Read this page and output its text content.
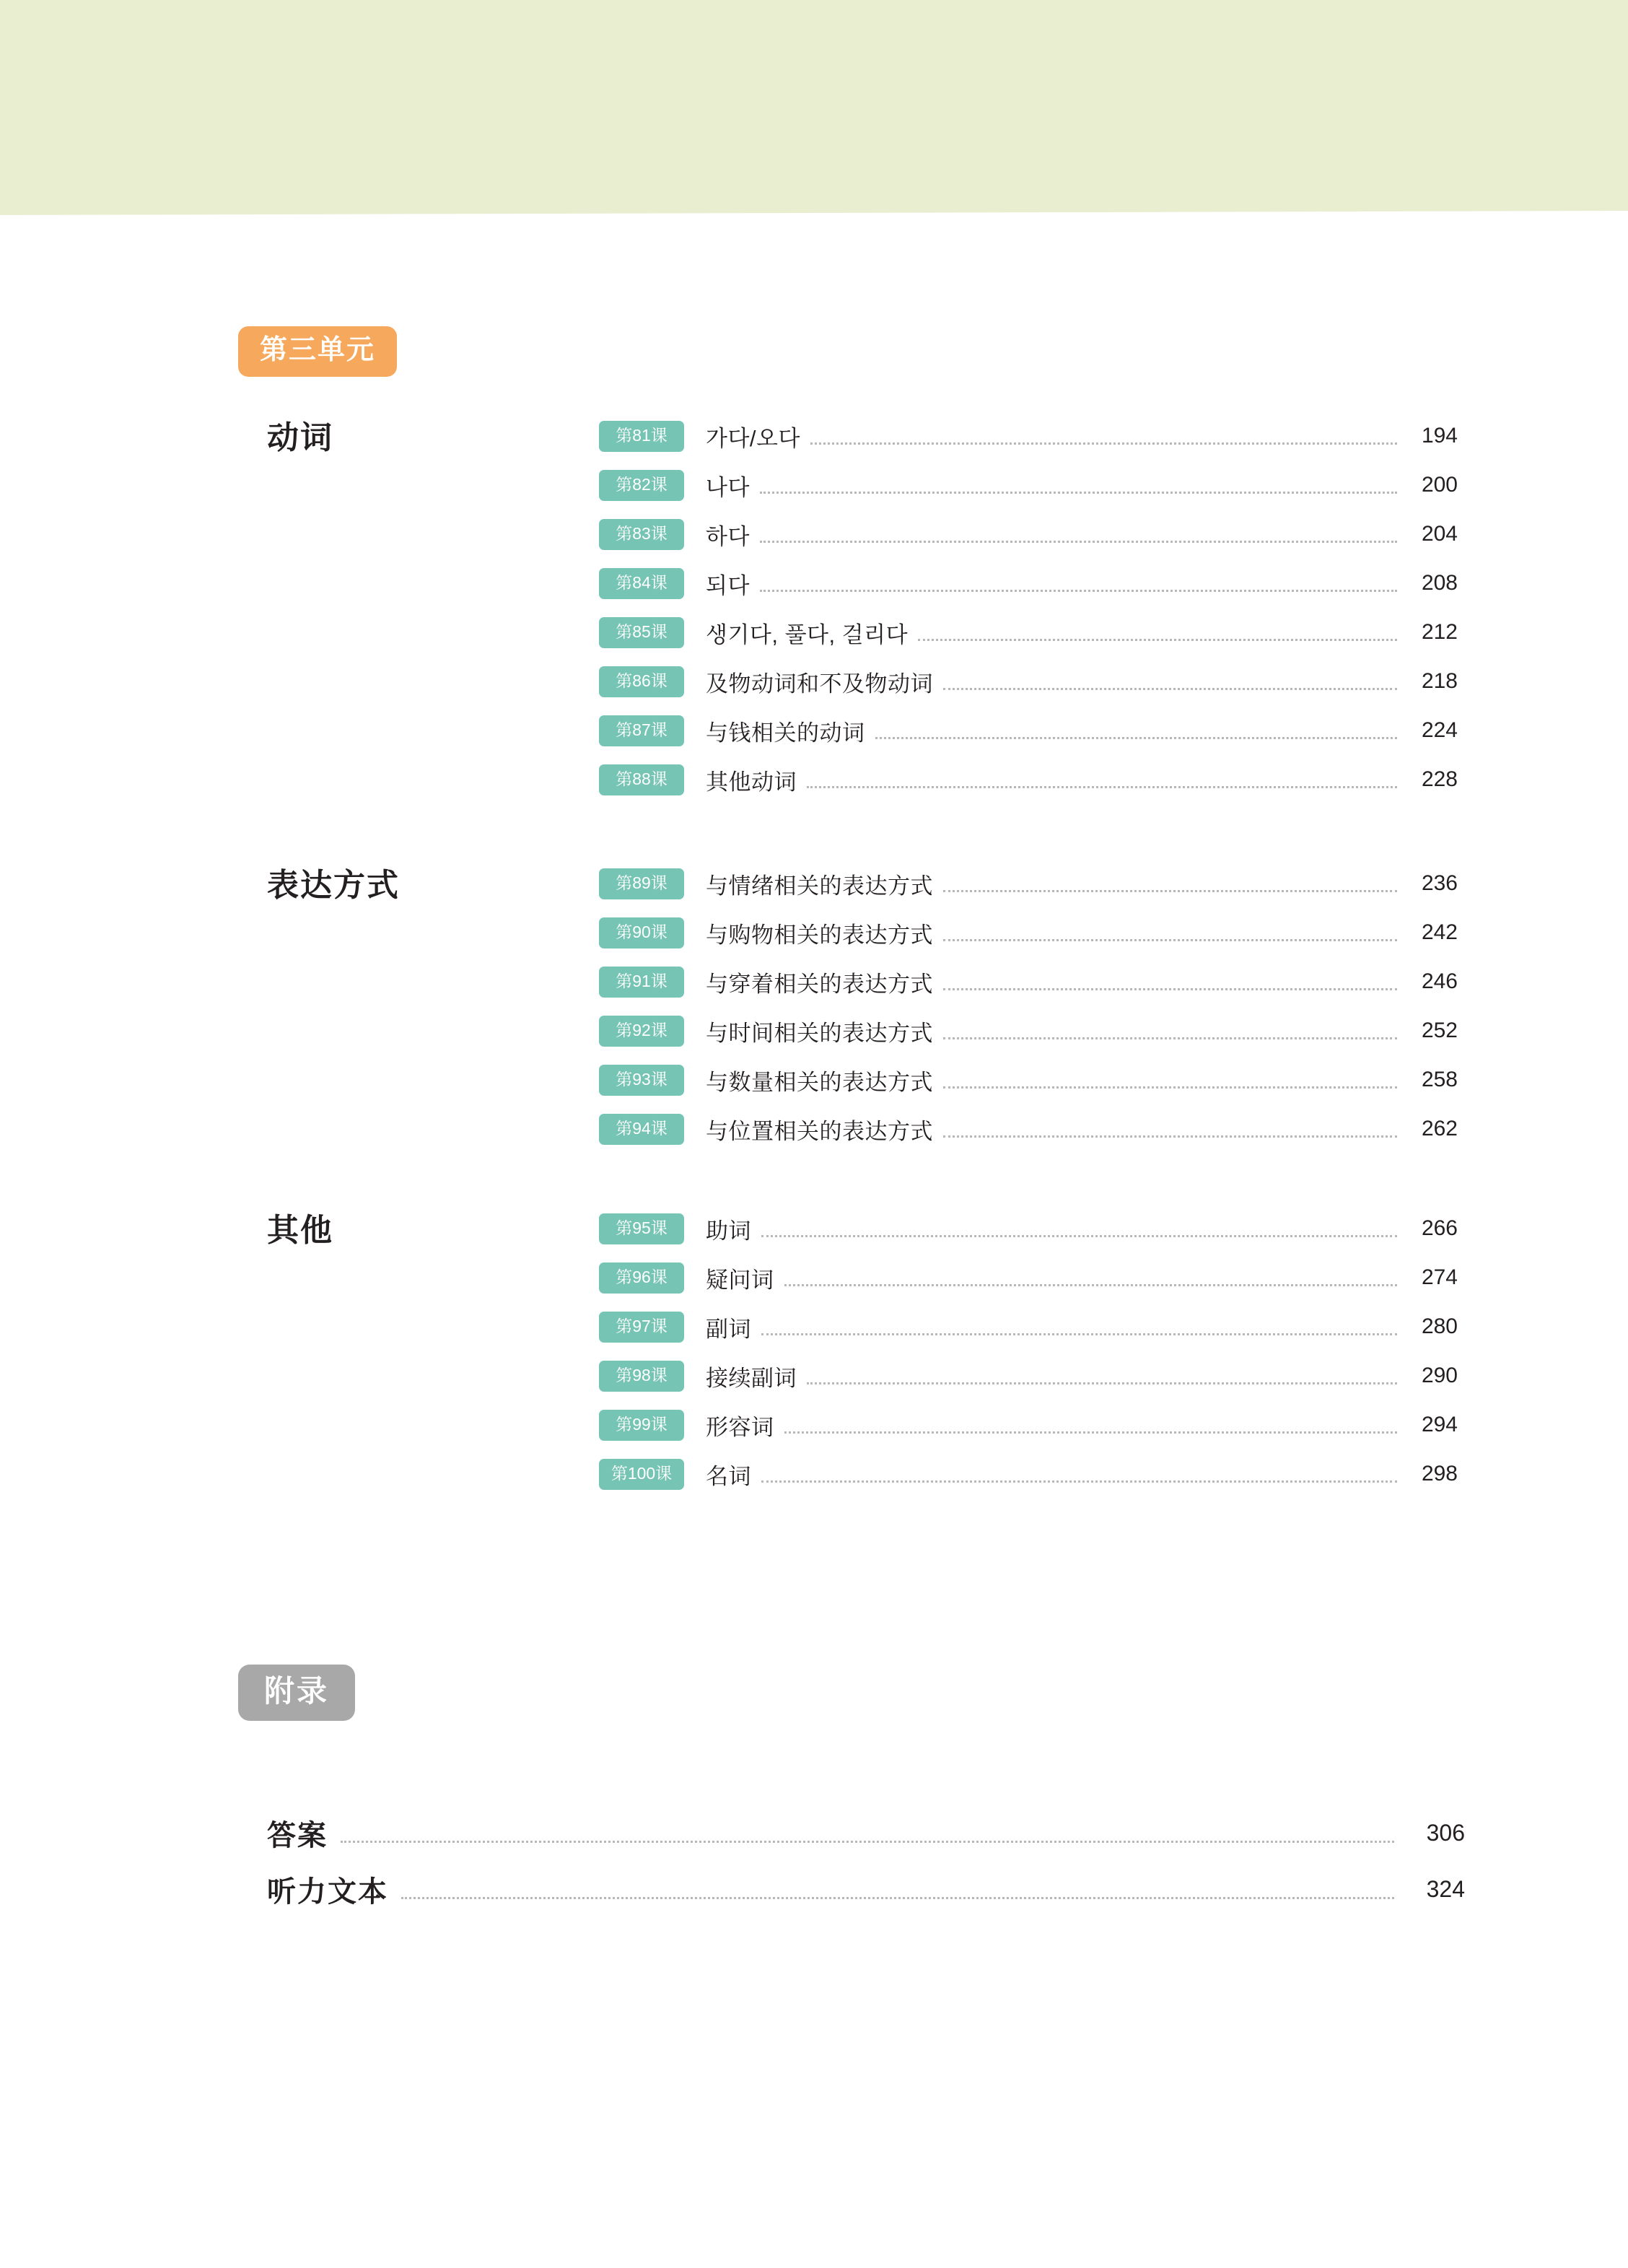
第三单元
动词	第81课	가다/오다	194
第82课	나다	200
第83课	하다	204
第84课	되다	208
第85课	생기다, 풀다, 걸리다	212
第86课	及物动词和不及物动词	218
第87课	与钱相关的动词	224
第88课	其他动词	228
表达方式	第89课	与情绪相关的表达方式	236
第90课	与购物相关的表达方式	242
第91课	与穿着相关的表达方式	246
第92课	与时间相关的表达方式	252
第93课	与数量相关的表达方式	258
第94课	与位置相关的表达方式	262
其他	第95课	助词	266
第96课	疑问词	274
第97课	副词	280
第98课	接续副词	290
第99课	形容词	294
第100课	名词	298
附录
答案	306
听力文本	324
